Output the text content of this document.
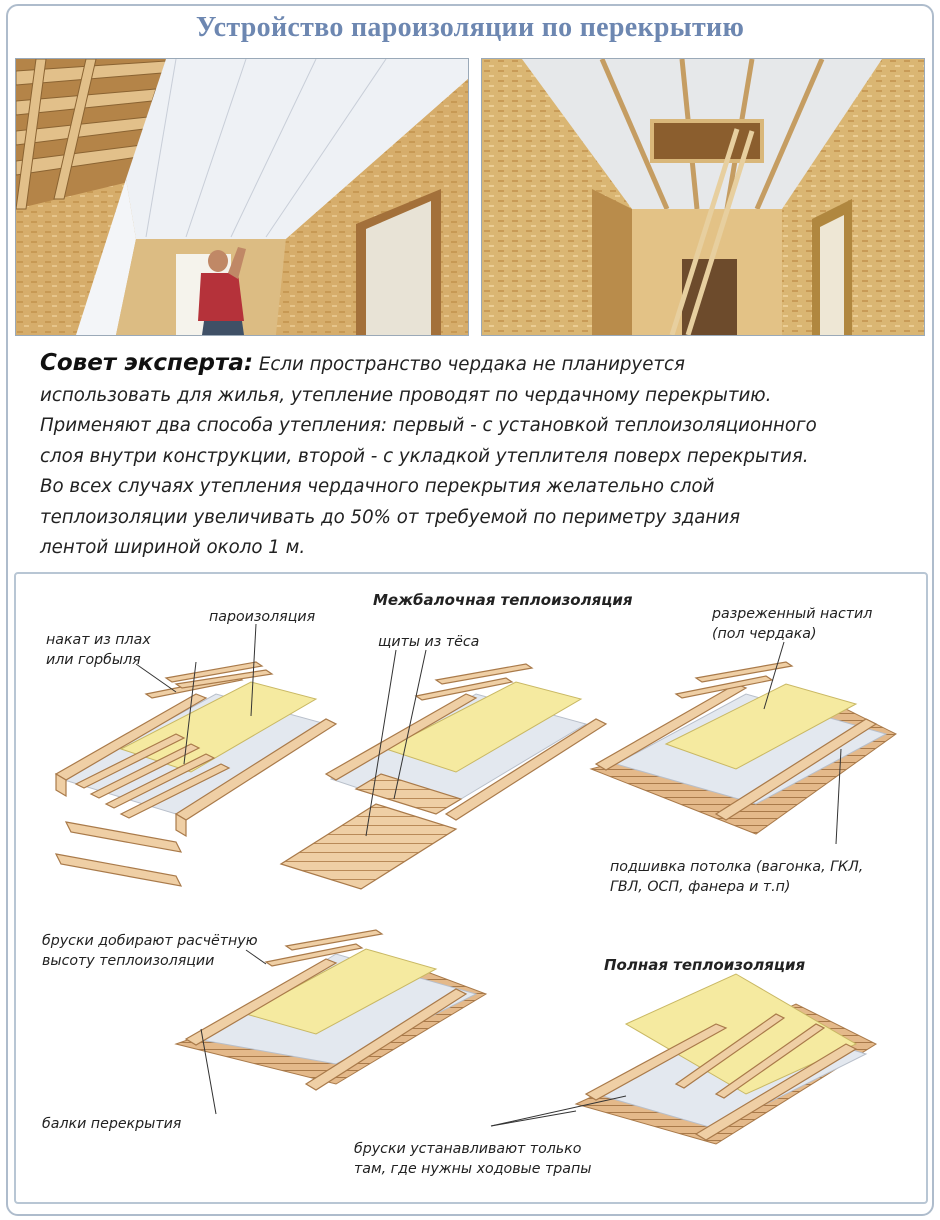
Устройство пароизоляции по перекрытию
Совет эксперта: Если пространство чердака не планируется
использовать для жилья, утепление проводят по чердачному перекрытию.
Применяют два способа утепления: первый - с установкой теплоизоляционного
слоя внутри конструкции, второй - с укладкой утеплителя поверх перекрытия.
Во всех случаях утепления чердачного перекрытия желательно слой
теплоизоляции увеличивать до 50% от требуемой по периметру здания
лентой шириной около 1 м.
Межбалочная теплоизоляция
Полная теплоизоляция
пароизоляция
накат из плах
или горбыля
щиты из тёса
разреженный настил
(пол чердака)
подшивка потолка (вагонка, ГКЛ,
ГВЛ, ОСП, фанера и т.п)
бруски добирают расчётную
высоту теплоизоляции
балки перекрытия
бруски устанавливают только
там, где нужны ходовые трапы
